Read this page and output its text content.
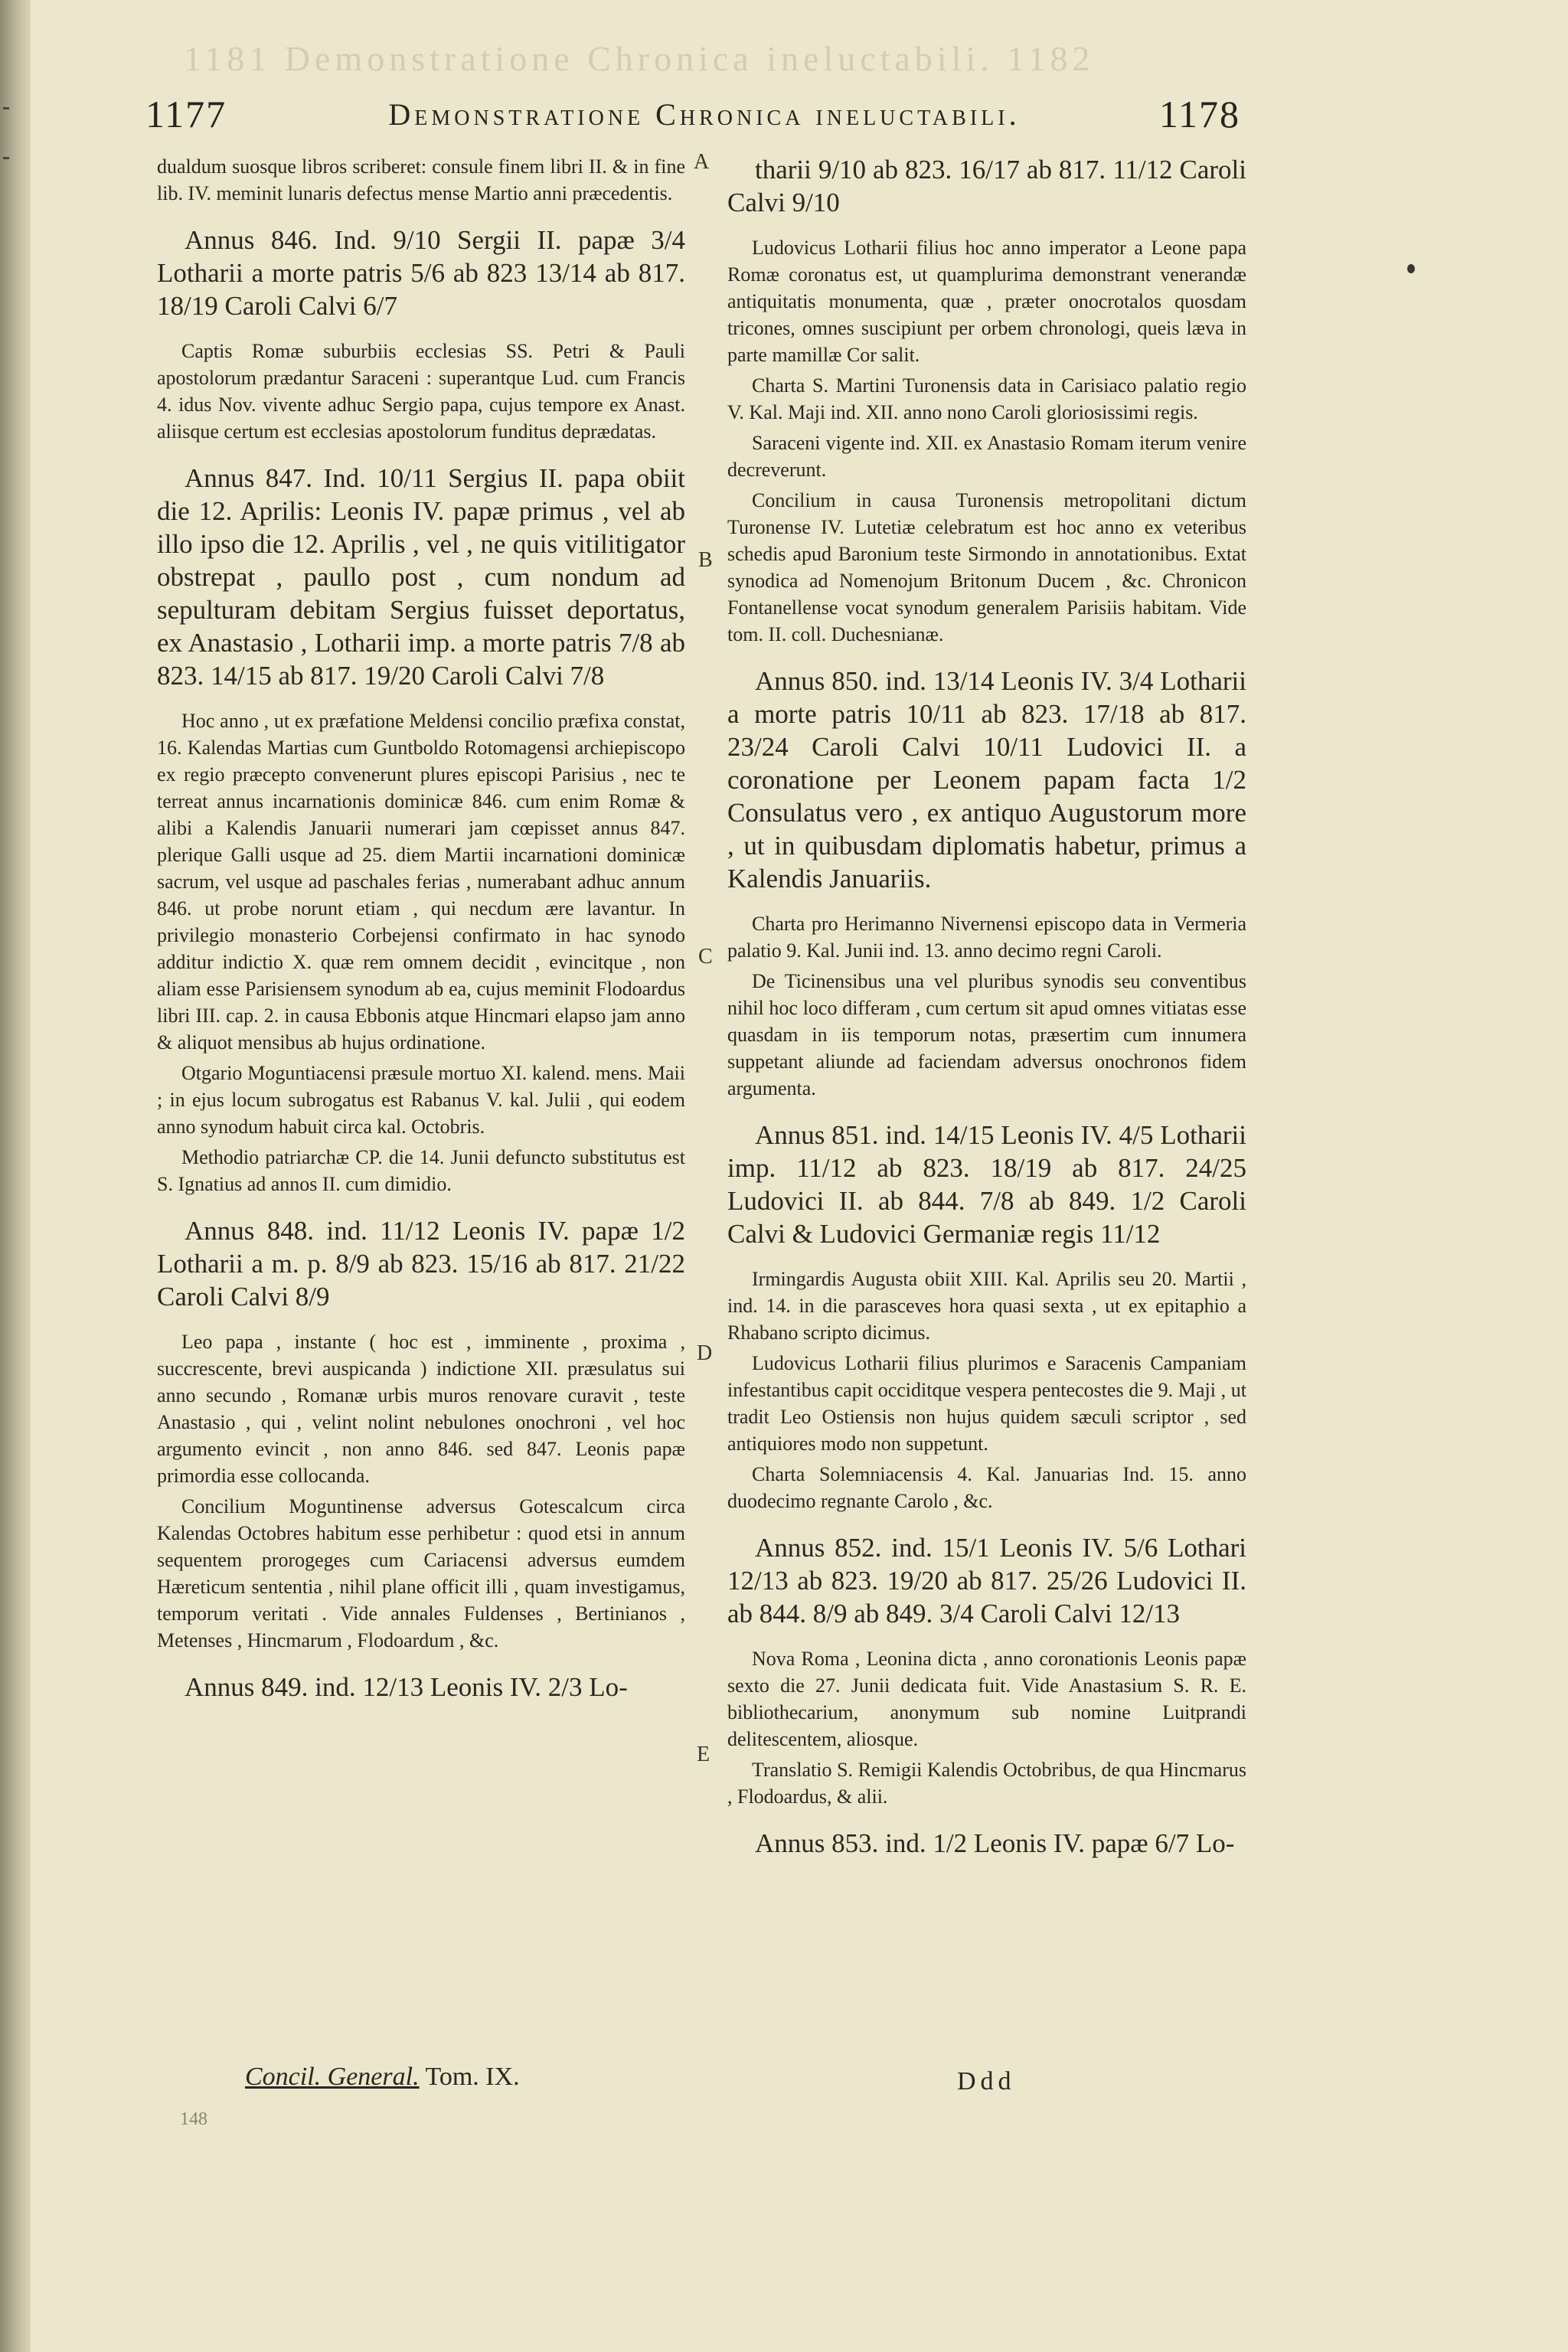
1181 Demonstratione Chronica ineluctabili. 1182
1177	Demonstratione Chronica ineluctabili.	1178

dualdum suosque libros scriberet: consule finem libri II. & in fine lib. IV. meminit lunaris defectus mense Martio anni præcedentis.

Annus 846. Ind. 9/10 Sergii II. papæ 3/4 Lotharii a morte patris 5/6 ab 823 13/14 ab 817. 18/19 Caroli Calvi 6/7

Captis Romæ suburbiis ecclesias SS. Petri & Pauli apostolorum prædantur Saraceni : superantque Lud. cum Francis 4. idus Nov. vivente adhuc Sergio papa, cujus tempore ex Anast. aliisque certum est ecclesias apostolorum funditus deprædatas.

Annus 847. Ind. 10/11 Sergius II. papa obiit die 12. Aprilis: Leonis IV. papæ primus , vel ab illo ipso die 12. Aprilis , vel , ne quis vitilitigator obstrepat , paullo post , cum nondum ad sepulturam debitam Sergius fuisset deportatus, ex Anastasio , Lotharii imp. a morte patris 7/8 ab 823. 14/15 ab 817. 19/20 Caroli Calvi 7/8

Hoc anno , ut ex præfatione Meldensi concilio præfixa constat, 16. Kalendas Martias cum Guntboldo Rotomagensi archiepiscopo ex regio præcepto convenerunt plures episcopi Parisius , nec te terreat annus incarnationis dominicæ 846. cum enim Romæ & alibi a Kalendis Januarii numerari jam cœpisset annus 847. plerique Galli usque ad 25. diem Martii incarnationi dominicæ sacrum, vel usque ad paschales ferias , numerabant adhuc annum 846. ut probe norunt etiam , qui necdum ære lavantur. In privilegio monasterio Corbejensi confirmato in hac synodo additur indictio X. quæ rem omnem decidit , evincitque , non aliam esse Parisiensem synodum ab ea, cujus meminit Flodoardus libri III. cap. 2. in causa Ebbonis atque Hincmari elapso jam anno & aliquot mensibus ab hujus ordinatione.

Otgario Moguntiacensi præsule mortuo XI. kalend. mens. Maii ; in ejus locum subrogatus est Rabanus V. kal. Julii , qui eodem anno synodum habuit circa kal. Octobris.

Methodio patriarchæ CP. die 14. Junii defuncto substitutus est S. Ignatius ad annos II. cum dimidio.

Annus 848. ind. 11/12 Leonis IV. papæ 1/2 Lotharii a m. p. 8/9 ab 823. 15/16 ab 817. 21/22 Caroli Calvi 8/9

Leo papa , instante ( hoc est , imminente , proxima , succrescente, brevi auspicanda ) indictione XII. præsulatus sui anno secundo , Romanæ urbis muros renovare curavit , teste Anastasio , qui , velint nolint nebulones onochroni , vel hoc argumento evincit , non anno 846. sed 847. Leonis papæ primordia esse collocanda.

Concilium Moguntinense adversus Gotescalcum circa Kalendas Octobres habitum esse perhibetur : quod etsi in annum sequentem prorogeges cum Cariacensi adversus eumdem Hæreticum sententia , nihil plane officit illi , quam investigamus, temporum veritati . Vide annales Fuldenses , Bertinianos , Metenses , Hincmarum , Flodoardum , &c.

Annus 849. ind. 12/13 Leonis IV. 2/3 Lo-

tharii 9/10 ab 823. 16/17 ab 817. 11/12 Caroli Calvi 9/10

Ludovicus Lotharii filius hoc anno imperator a Leone papa Romæ coronatus est, ut quamplurima demonstrant venerandæ antiquitatis monumenta, quæ , præter onocrotalos quosdam tricones, omnes suscipiunt per orbem chronologi, queis læva in parte mamillæ Cor salit.

Charta S. Martini Turonensis data in Carisiaco palatio regio V. Kal. Maji ind. XII. anno nono Caroli gloriosissimi regis.

Saraceni vigente ind. XII. ex Anastasio Romam iterum venire decreverunt.

Concilium in causa Turonensis metropolitani dictum Turonense IV. Lutetiæ celebratum est hoc anno ex veteribus schedis apud Baronium teste Sirmondo in annotationibus. Extat synodica ad Nomenojum Britonum Ducem , &c. Chronicon Fontanellense vocat synodum generalem Parisiis habitam. Vide tom. II. coll. Duchesnianæ.

Annus 850. ind. 13/14 Leonis IV. 3/4 Lotharii a morte patris 10/11 ab 823. 17/18 ab 817. 23/24 Caroli Calvi 10/11 Ludovici II. a coronatione per Leonem papam facta 1/2 Consulatus vero , ex antiquo Augustorum more , ut in quibusdam diplomatis habetur, primus a Kalendis Januariis.

Charta pro Herimanno Nivernensi episcopo data in Vermeria palatio 9. Kal. Junii ind. 13. anno decimo regni Caroli.

De Ticinensibus una vel pluribus synodis seu conventibus nihil hoc loco differam , cum certum sit apud omnes vitiatas esse quasdam in iis temporum notas, præsertim cum innumera suppetant aliunde ad faciendam adversus onochronos fidem argumenta.

Annus 851. ind. 14/15 Leonis IV. 4/5 Lotharii imp. 11/12 ab 823. 18/19 ab 817. 24/25 Ludovici II. ab 844. 7/8 ab 849. 1/2 Caroli Calvi & Ludovici Germaniæ regis 11/12

Irmingardis Augusta obiit XIII. Kal. Aprilis seu 20. Martii , ind. 14. in die parasceves hora quasi sexta , ut ex epitaphio a Rhabano scripto dicimus.

Ludovicus Lotharii filius plurimos e Saracenis Campaniam infestantibus capit occiditque vespera pentecostes die 9. Maji , ut tradit Leo Ostiensis non hujus quidem sæculi scriptor , sed antiquiores modo non suppetunt.

Charta Solemniacensis 4. Kal. Januarias Ind. 15. anno duodecimo regnante Carolo , &c.

Annus 852. ind. 15/1 Leonis IV. 5/6 Lothari 12/13 ab 823. 19/20 ab 817. 25/26 Ludovici II. ab 844. 8/9 ab 849. 3/4 Caroli Calvi 12/13

Nova Roma , Leonina dicta , anno coronationis Leonis papæ sexto die 27. Junii dedicata fuit. Vide Anastasium S. R. E. bibliothecarium, anonymum sub nomine Luitprandi delitescentem, aliosque.

Translatio S. Remigii Kalendis Octobribus, de qua Hincmarus , Flodoardus, & alii.

Annus 853. ind. 1/2 Leonis IV. papæ 6/7 Lo-

A
B
C
D
E
Concil. General. Tom. IX.	Ddd
148
